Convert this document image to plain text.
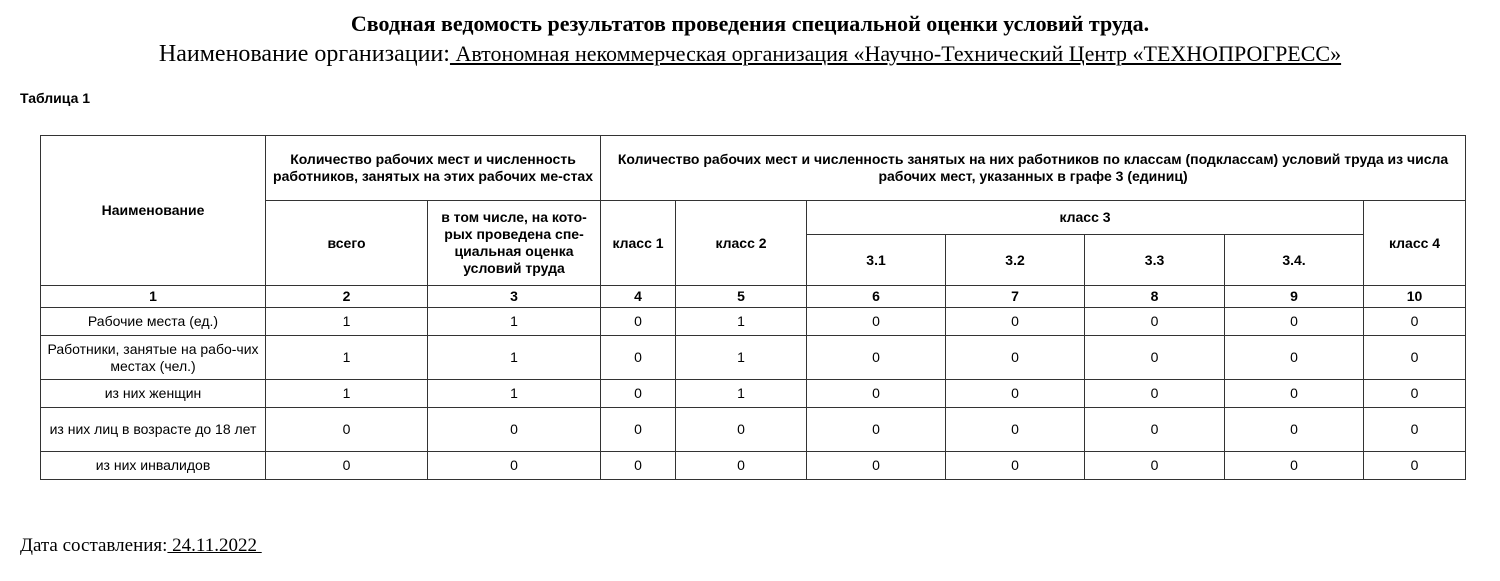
Сводная ведомость результатов проведения специальной оценки условий труда.
Наименование организации: Автономная некоммерческая организация «Научно-Технический Центр «ТЕХНОПРОГРЕСС»
Таблица 1
Наименование	Количество рабочих мест и численность работников, занятых на этих рабочих ме-стах		Количество рабочих мест и численность занятых на них работников по классам (подклассам) условий труда из числа рабочих мест, указанных в графе 3 (единиц)						
	всего	в том числе, на кото-рых проведена спе-циальная оценка условий труда	класс 1	класс 2	класс 3				класс 4
					3.1	3.2	3.3	3.4.	
1	2	3	4	5	6	7	8	9	10
Рабочие места (ед.)	1	1	0	1	0	0	0	0	0
Работники, занятые на рабо-чих местах (чел.)	1	1	0	1	0	0	0	0	0
из них женщин	1	1	0	1	0	0	0	0	0
из них лиц в возрасте до 18 лет	0	0	0	0	0	0	0	0	0
из них инвалидов	0	0	0	0	0	0	0	0	0
Дата составления: 24.11.2022
